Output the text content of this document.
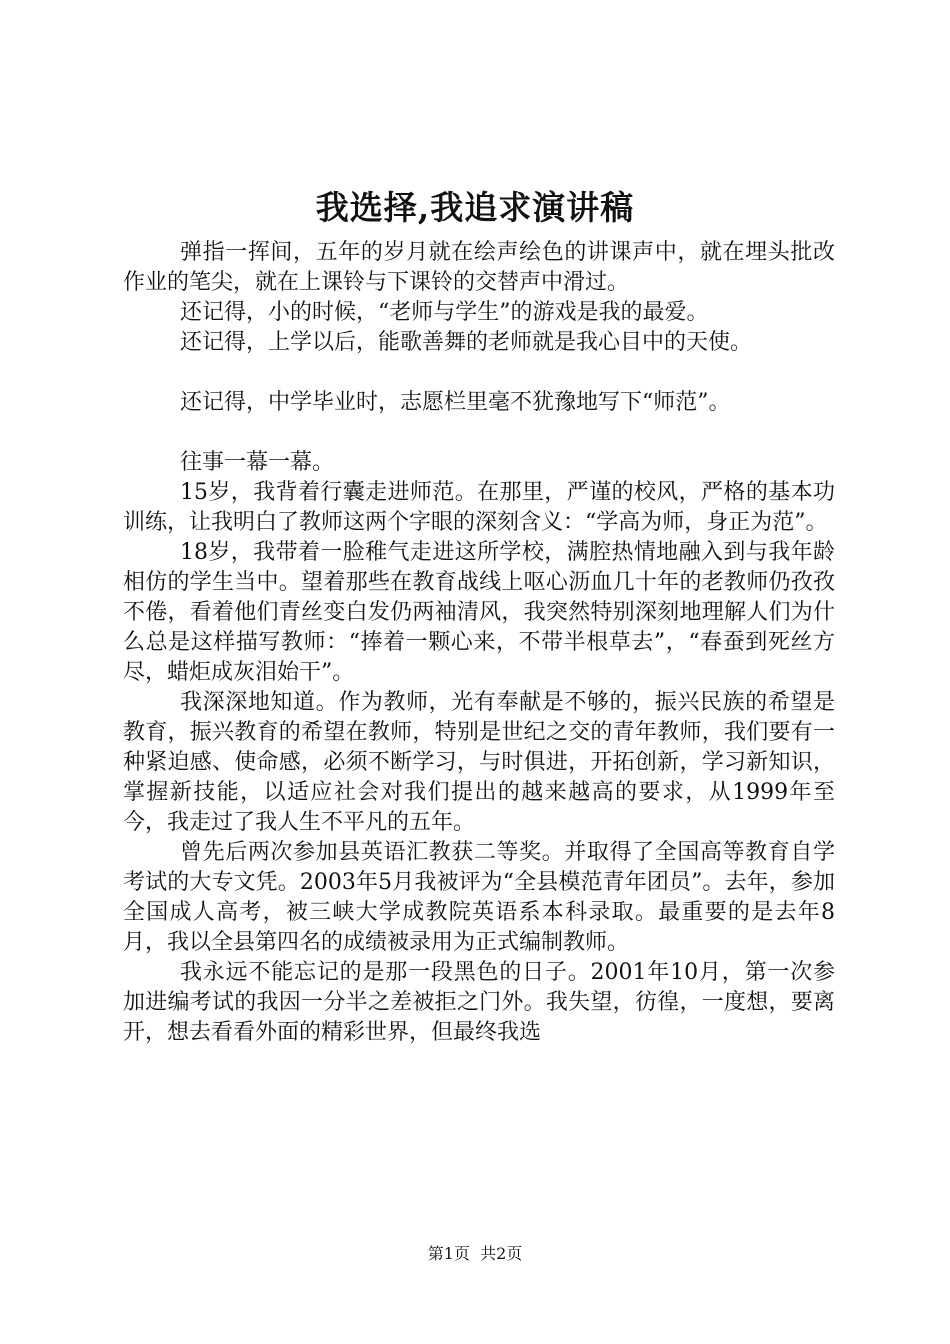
我选择,我追求演讲稿

弹指一挥间，五年的岁月就在绘声绘色的讲课声中，就在埋头批改作业的笔尖，就在上课铃与下课铃的交替声中滑过。

还记得，小的时候，“老师与学生”的游戏是我的最爱。

还记得，上学以后，能歌善舞的老师就是我心目中的天使。

还记得，中学毕业时，志愿栏里毫不犹豫地写下“师范”。

往事一幕一幕。

15岁，我背着行囊走进师范。在那里，严谨的校风，严格的基本功训练，让我明白了教师这两个字眼的深刻含义：“学高为师，身正为范”。

18岁，我带着一脸稚气走进这所学校，满腔热情地融入到与我年龄相仿的学生当中。望着那些在教育战线上呕心沥血几十年的老教师仍孜孜不倦，看着他们青丝变白发仍两袖清风，我突然特别深刻地理解人们为什么总是这样描写教师：“捧着一颗心来，不带半根草去”，“春蚕到死丝方尽，蜡炬成灰泪始干”。

我深深地知道。作为教师，光有奉献是不够的，振兴民族的希望是教育，振兴教育的希望在教师，特别是世纪之交的青年教师，我们要有一种紧迫感、使命感，必须不断学习，与时俱进，开拓创新，学习新知识，掌握新技能，以适应社会对我们提出的越来越高的要求，从1999年至今，我走过了我人生不平凡的五年。

曾先后两次参加县英语汇教获二等奖。并取得了全国高等教育自学考试的大专文凭。2003年5月我被评为“全县模范青年团员”。去年，参加全国成人高考，被三峡大学成教院英语系本科录取。最重要的是去年8月，我以全县第四名的成绩被录用为正式编制教师。

我永远不能忘记的是那一段黑色的日子。2001年10月，第一次参加进编考试的我因一分半之差被拒之门外。我失望，彷徨，一度想，要离开，想去看看外面的精彩世界，但最终我选

第1页  共2页
